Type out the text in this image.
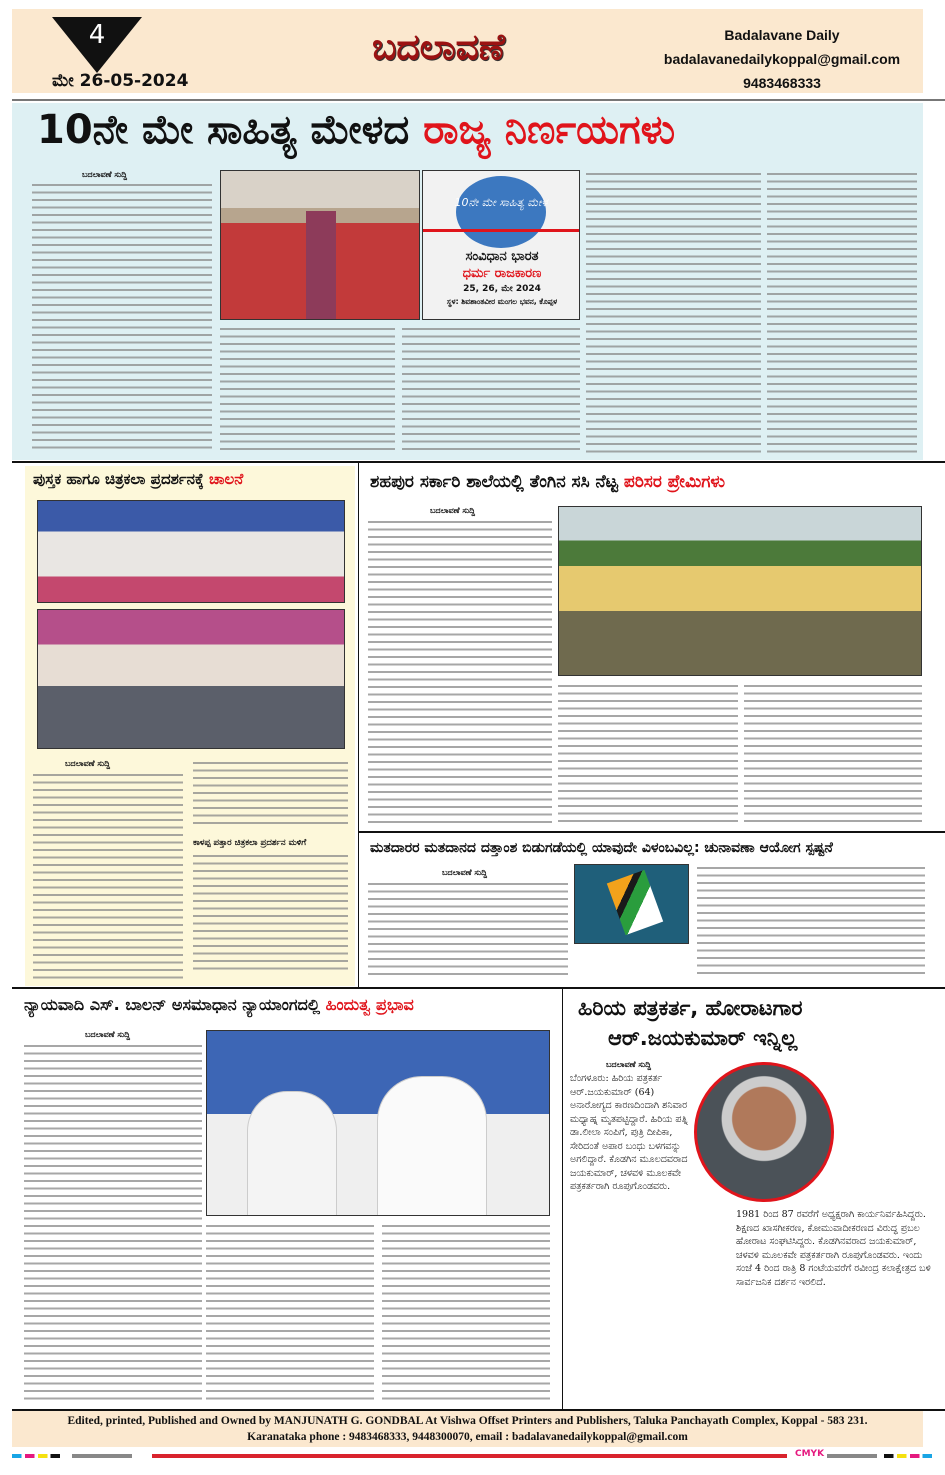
4
ಮೇ 26-05-2024
ಬದಲಾವಣೆ	Badalavane Daily
badalavanedailykoppal@gmail.com
9483468333
10ನೇ ಮೇ ಸಾಹಿತ್ಯ ಮೇಳದ ರಾಜ್ಯ ನಿರ್ಣಯಗಳು
ಬದಲಾವಣೆ ಸುದ್ದಿ
10ನೇ ಮೇ ಸಾಹಿತ್ಯ ಮೇಳ
ಸಂವಿಧಾನ ಭಾರತ
ಧರ್ಮ ರಾಜಕಾರಣ
25, 26, ಮೇ 2024
ಸ್ಥಳ: ಶಿವಶಾಂತವೀರ ಮಂಗಲ ಭವನ, ಕೊಪ್ಪಳ
ಪುಸ್ತಕ ಹಾಗೂ ಚಿತ್ರಕಲಾ ಪ್ರದರ್ಶನಕ್ಕೆ ಚಾಲನೆ
ಬದಲಾವಣೆ ಸುದ್ದಿ
ಕಾಳಪ್ಪ ಪತ್ತಾರ ಚಿತ್ರಕಲಾ ಪ್ರದರ್ಶನ ಮಳಿಗೆ
ಶಹಪುರ ಸರ್ಕಾರಿ ಶಾಲೆಯಲ್ಲಿ ತೆಂಗಿನ ಸಸಿ ನೆಟ್ಟ ಪರಿಸರ ಪ್ರೇಮಿಗಳು
ಬದಲಾವಣೆ ಸುದ್ದಿ
ಮತದಾರರ ಮತದಾನದ ದತ್ತಾಂಶ ಬಿಡುಗಡೆಯಲ್ಲಿ ಯಾವುದೇ ವಿಳಂಬವಿಲ್ಲ: ಚುನಾವಣಾ ಆಯೋಗ ಸ್ಪಷ್ಟನೆ
ಬದಲಾವಣೆ ಸುದ್ದಿ
ನ್ಯಾಯವಾದಿ ಎಸ್. ಬಾಲನ್ ಅಸಮಾಧಾನ ನ್ಯಾಯಾಂಗದಲ್ಲಿ ಹಿಂದುತ್ವ ಪ್ರಭಾವ
ಬದಲಾವಣೆ ಸುದ್ದಿ
ಹಿರಿಯ ಪತ್ರಕರ್ತ, ಹೋರಾಟಗಾರ
ಆರ್.ಜಯಕುಮಾರ್ ಇನ್ನಿಲ್ಲ
ಬದಲಾವಣೆ ಸುದ್ದಿ
ಬೆಂಗಳೂರು: ಹಿರಿಯ ಪತ್ರಕರ್ತ ಆರ್.ಜಯಕುಮಾರ್ (64) ಅನಾರೋಗ್ಯದ ಕಾರಣದಿಂದಾಗಿ ಶನಿವಾರ ಮಧ್ಯಾಹ್ನ ಮೃತಪಟ್ಟಿದ್ದಾರೆ. ಹಿರಿಯ ಪತ್ನಿ ಡಾ.ಲೀಲಾ ಸಂಪಿಗೆ, ಪುತ್ರಿ ದೀಪಿಕಾ, ಸೇರಿದಂತೆ ಅಪಾರ ಬಂಧು ಬಳಗವನ್ನು ಅಗಲಿದ್ದಾರೆ. ಕೊಡಗಿನ ಮೂಲದವರಾದ ಜಯಕುಮಾರ್, ಚಳವಳಿ ಮೂಲಕವೇ ಪತ್ರಕರ್ತರಾಗಿ ರೂಪುಗೊಂಡವರು.
1981 ರಿಂದ 87 ರವರೆಗೆ ಅಧ್ಯಕ್ಷರಾಗಿ ಕಾರ್ಯನಿರ್ವಹಿಸಿದ್ದರು. ಶಿಕ್ಷಣದ ಖಾಸಗೀಕರಣ, ಕೋಮುವಾದೀಕರಣದ ವಿರುದ್ಧ ಪ್ರಬಲ ಹೋರಾಟ ಸಂಘಟಿಸಿದ್ದರು. ಕೊಡಗಿನವರಾದ ಜಯಕುಮಾರ್, ಚಳವಳಿ ಮೂಲಕವೇ ಪತ್ರಕರ್ತರಾಗಿ ರೂಪುಗೊಂಡವರು. ಇಂದು ಸಂಜೆ 4 ರಿಂದ ರಾತ್ರಿ 8 ಗಂಟೆಯವರೆಗೆ ರವೀಂದ್ರ ಕಲಾಕ್ಷೇತ್ರದ ಬಳಿ ಸಾರ್ವಜನಿಕ ದರ್ಶನ ಇರಲಿದೆ.
Edited, printed, Published and Owned by MANJUNATH G. GONDBAL At Vishwa Offset Printers and Publishers, Taluka Panchayath Complex, Koppal - 583 231.
Karanataka phone : 9483468333, 9448300070, email : badalavanedailykoppal@gmail.com
CMYK
